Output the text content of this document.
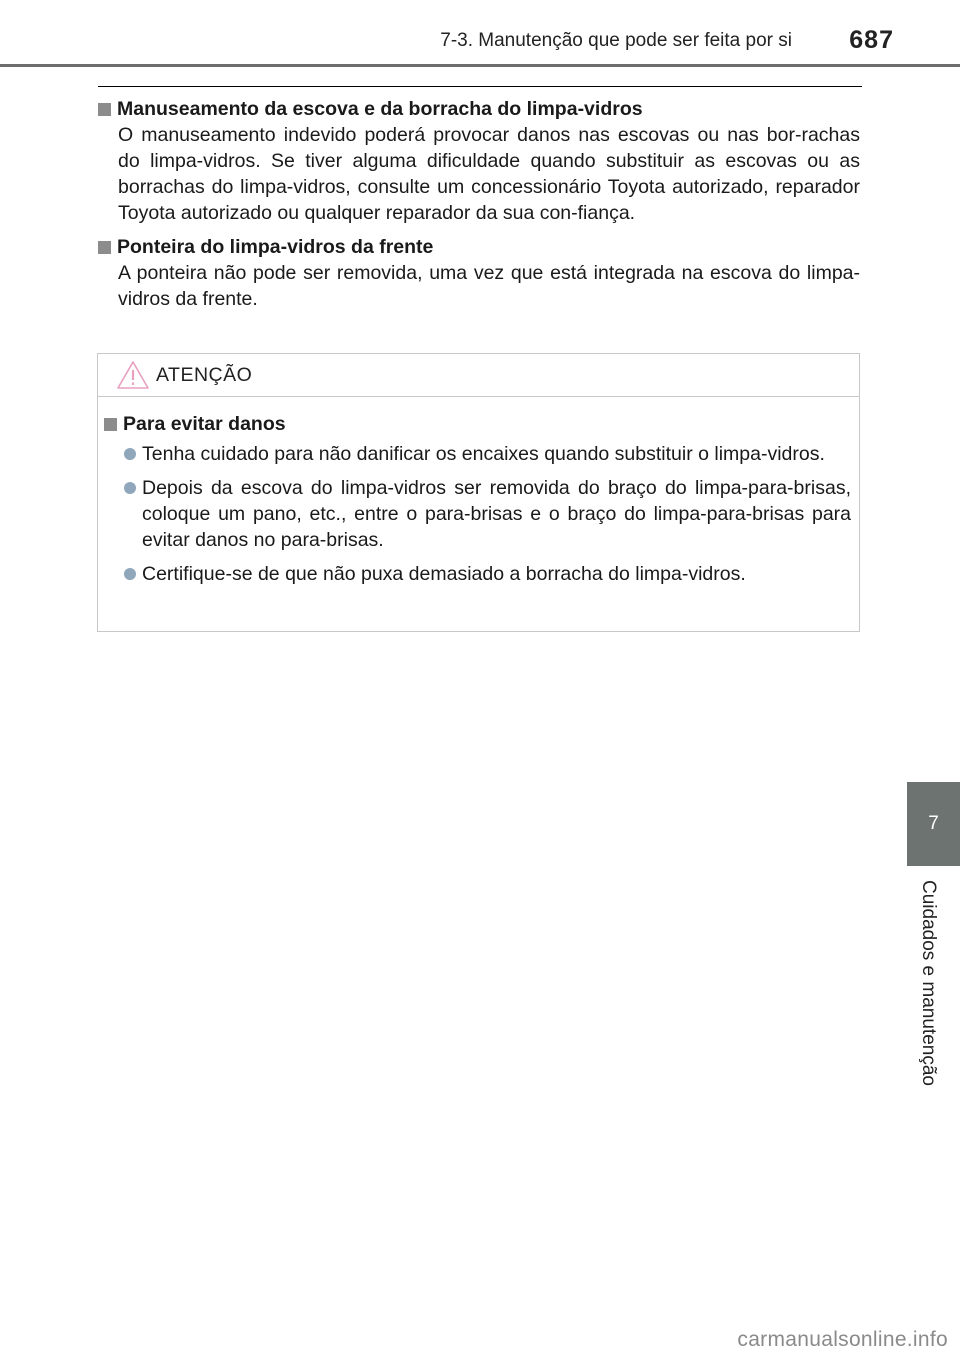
7-3. Manutenção que pode ser feita por si 687
Manuseamento da escova e da borracha do limpa-vidros
O manuseamento indevido poderá provocar danos nas escovas ou nas bor-rachas do limpa-vidros. Se tiver alguma dificuldade quando substituir as escovas ou as borrachas do limpa-vidros, consulte um concessionário Toyota autorizado, reparador Toyota autorizado ou qualquer reparador da sua con-fiança.
Ponteira do limpa-vidros da frente
A ponteira não pode ser removida, uma vez que está integrada na escova do limpa-vidros da frente.
ATENÇÃO
Para evitar danos
Tenha cuidado para não danificar os encaixes quando substituir o limpa-vidros.
Depois da escova do limpa-vidros ser removida do braço do limpa-para-brisas, coloque um pano, etc., entre o para-brisas e o braço do limpa-para-brisas para evitar danos no para-brisas.
Certifique-se de que não puxa demasiado a borracha do limpa-vidros.
7
Cuidados e manutenção
carmanualsonline.info
